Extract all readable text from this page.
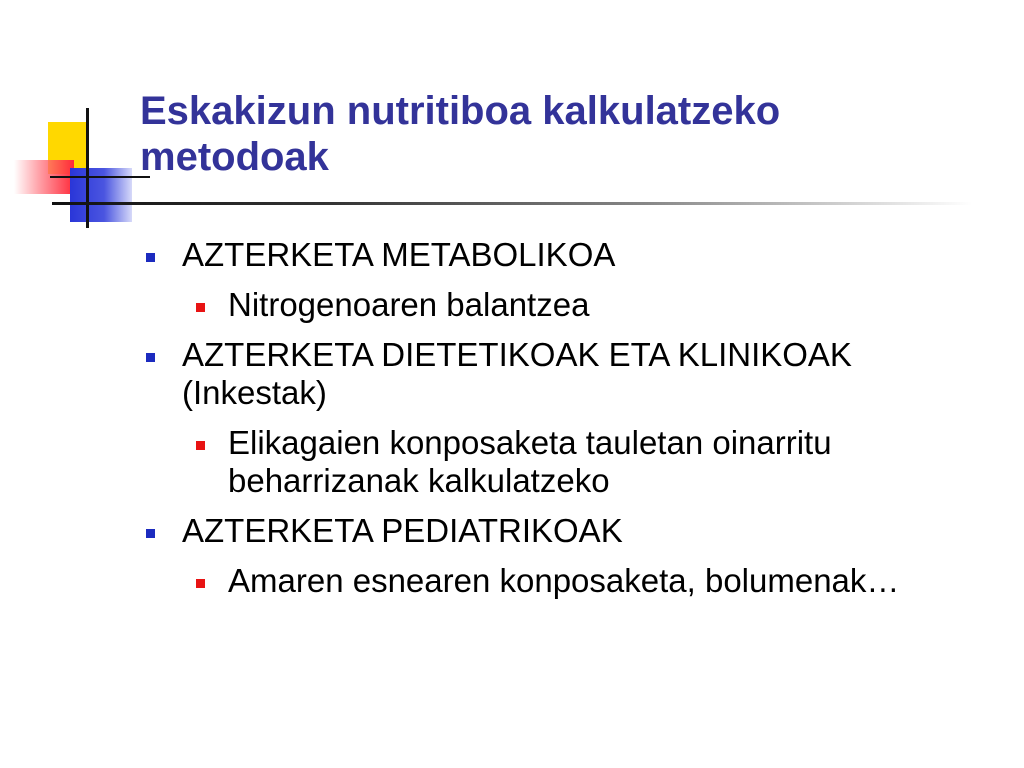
Eskakizun nutritiboa kalkulatzeko metodoak
AZTERKETA METABOLIKOA
Nitrogenoaren balantzea
AZTERKETA DIETETIKOAK ETA KLINIKOAK (Inkestak)
Elikagaien konposaketa tauletan oinarritu beharrizanak kalkulatzeko
AZTERKETA PEDIATRIKOAK
Amaren esnearen konposaketa, bolumenak…
